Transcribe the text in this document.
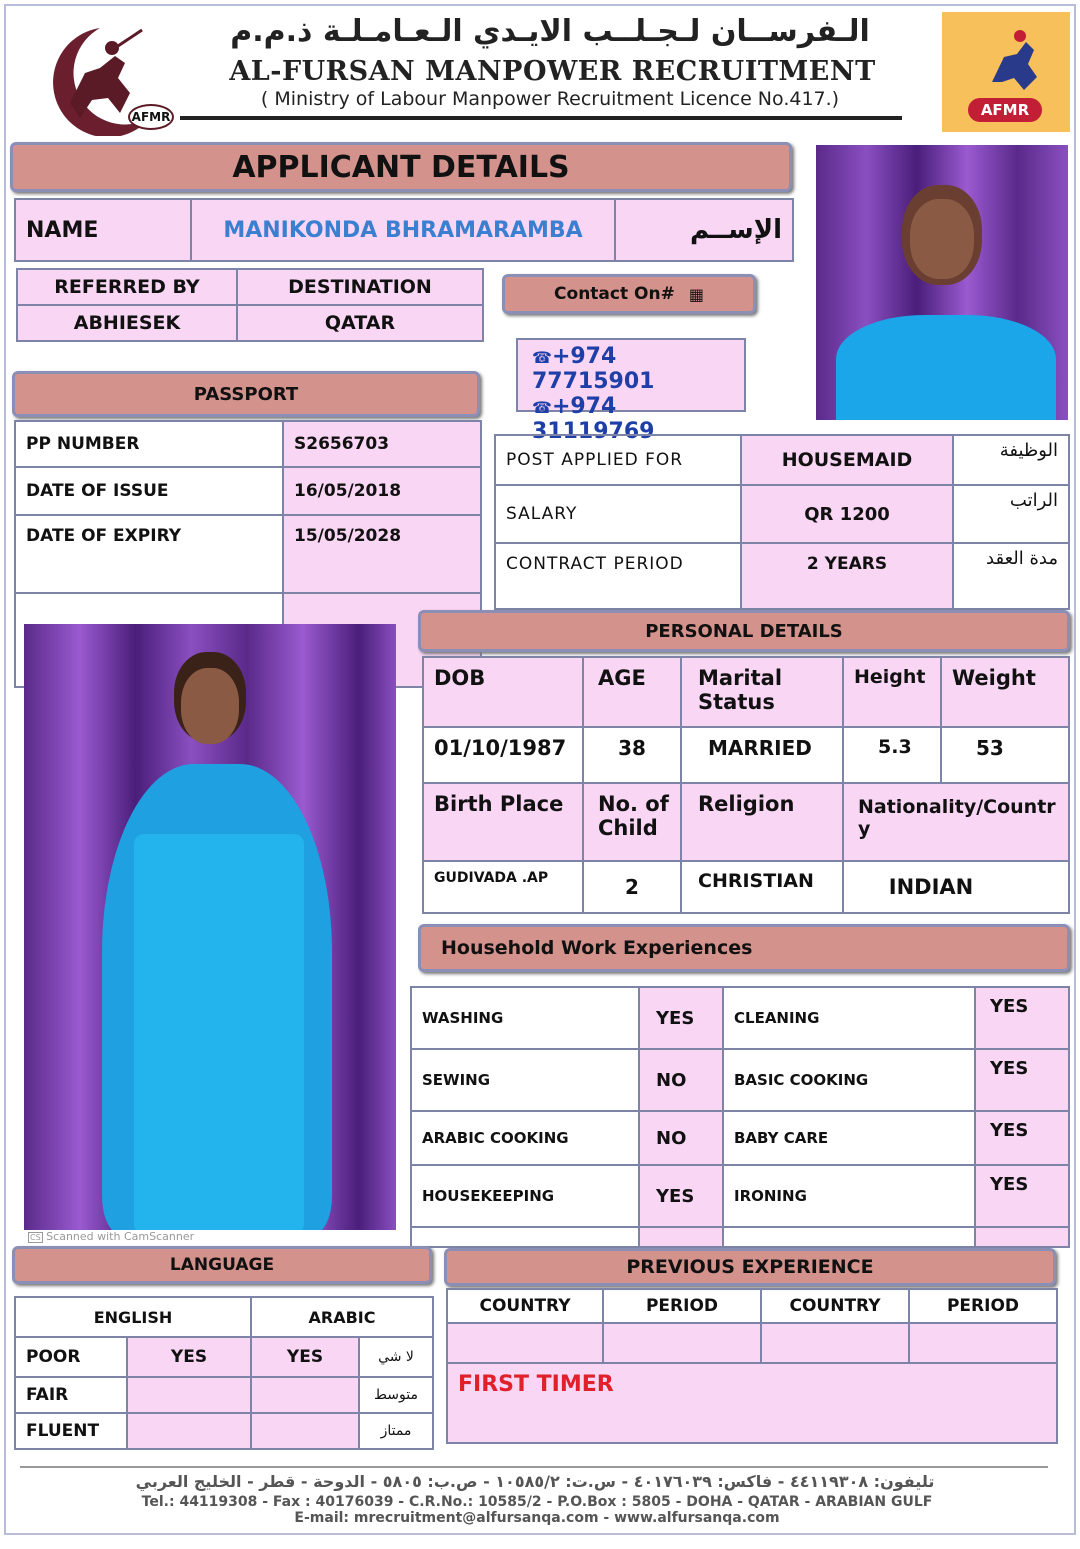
AFMR
الـفرســان لـجـلــب الايـدي الـعـامـلـة ذ.م.م
AL-FURSAN MANPOWER RECRUITMENT
( Ministry of Labour Manpower Recruitment Licence No.417.)	AFMR
APPLICANT DETAILS
NAME	MANIKONDA BHRAMARAMBA	الإســم
REFERRED BY	DESTINATION
ABHIESEK	QATAR
Contact On# ▦
☎+974 77715901
☎+974 31119769
PASSPORT
PP NUMBER	S2656703
DATE OF ISSUE	16/05/2018
DATE OF EXPIRY	15/05/2028

POST APPLIED FOR	HOUSEMAID	الوظيفة
SALARY	QR 1200	الراتب
CONTRACT PERIOD	2 YEARS	مدة العقد
CS Scanned with CamScanner
PERSONAL DETAILS
DOB	AGE	Marital Status	Height	Weight
01/10/1987	38	MARRIED	5.3	53
Birth Place	No. of Child	Religion	Nationality/Country	
GUDIVADA .AP	2	CHRISTIAN	INDIAN	
Household Work Experiences
WASHING	YES	CLEANING	YES
SEWING	NO	BASIC COOKING	YES
ARABIC COOKING	NO	BABY CARE	YES
HOUSEKEEPING	YES	IRONING	YES

LANGUAGE
ENGLISH		ARABIC	
POOR	YES	YES	لا شي
FAIR			متوسط
FLUENT			ممتاز
PREVIOUS EXPERIENCE
COUNTRY	PERIOD	COUNTRY	PERIOD

FIRST TIMER			
تليفون: ٤٤١١٩٣٠٨ - فاكس: ٤٠١٧٦٠٣٩ - س.ت: ١٠٥٨٥/٢ - ص.ب: ٥٨٠٥ - الدوحة - قطر - الخليج العربي
Tel.: 44119308 - Fax : 40176039 - C.R.No.: 10585/2 - P.O.Box : 5805 - DOHA - QATAR - ARABIAN GULF
E-mail: mrecruitment@alfursanqa.com - www.alfursanqa.com
